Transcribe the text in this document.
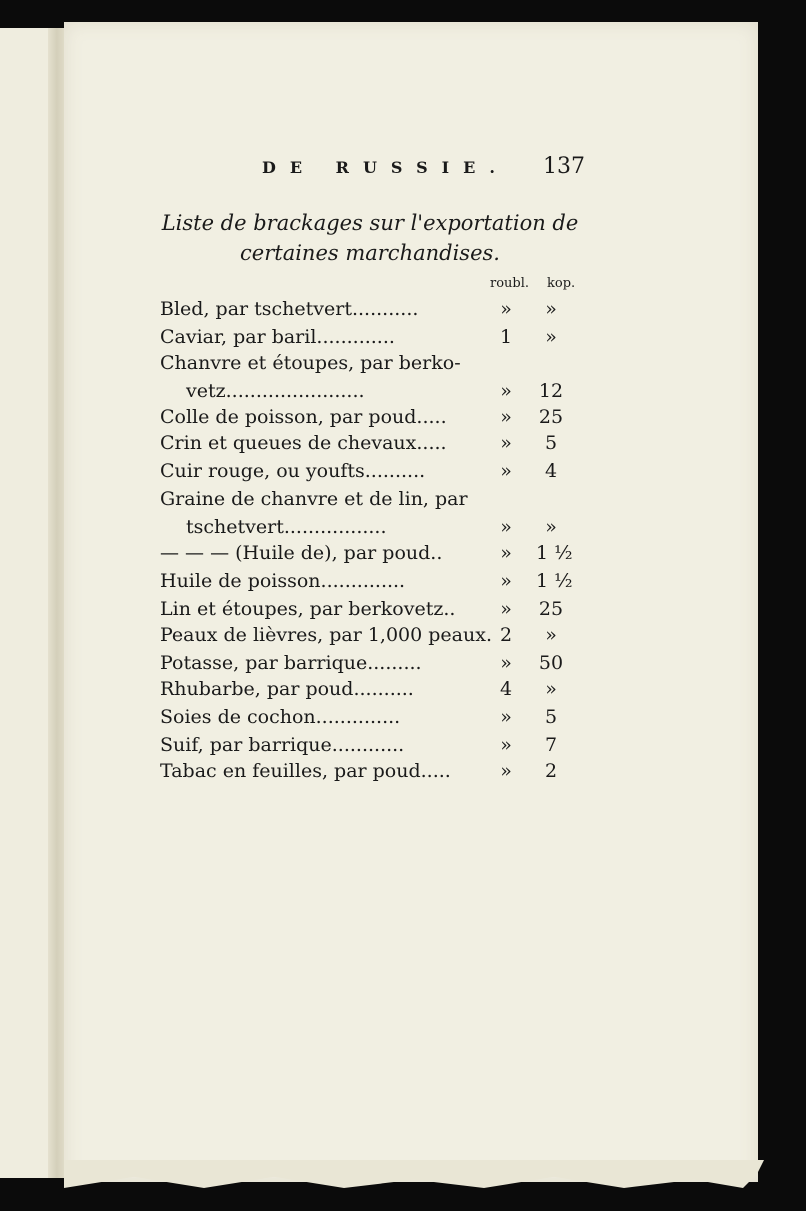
DE RUSSIE. 137
Liste de brackages sur l'exportation de
certaines marchandises.
roubl. kop.
Bled, par tschetvert...........	»	»
Caviar, par baril.............	1	»
Chanvre et étoupes, par berko-
vetz.......................	» 12
Colle de poisson, par poud.....	» 25
Crin et queues de chevaux.....	»	5
Cuir rouge, ou youfts..........	»	4
Graine de chanvre et de lin, par
tschetvert.................	»	»
— — — (Huile de), par poud..	» 1 ½
Huile de poisson..............	» 1 ½
Lin et étoupes, par berkovetz.. » 25
Peaux de lièvres, par 1,000 peaux. 2	»
Potasse, par barrique.........	» 50
Rhubarbe, par poud..........	4	»
Soies de cochon..............	»	5
Suif, par barrique............	»	7
Tabac en feuilles, par poud.....	»	2
